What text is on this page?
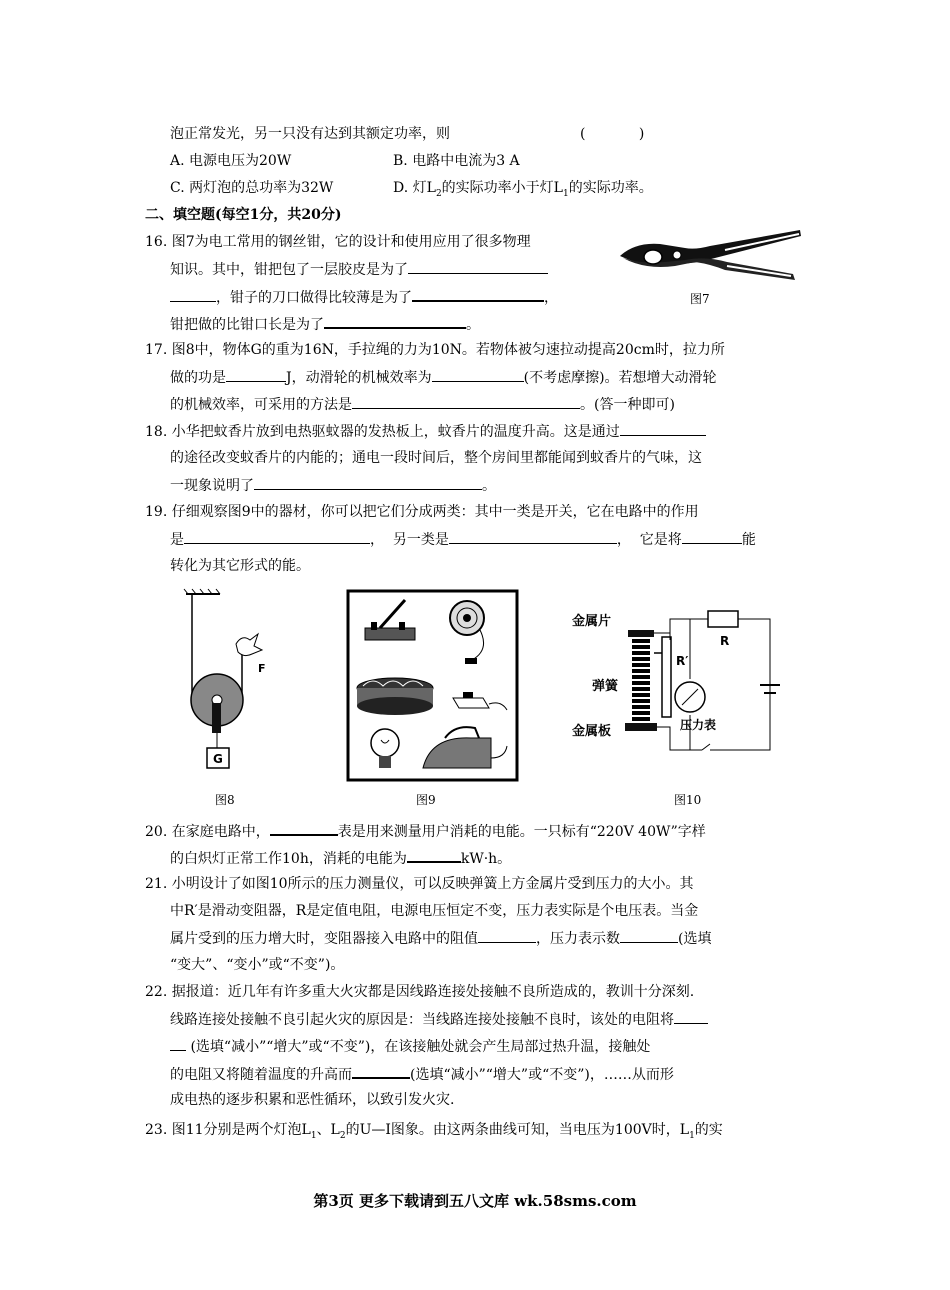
泡正常发光，另一只没有达到其额定功率，则	(            )
A. 电源电压为20W	B. 电路中电流为3 A
C. 两灯泡的总功率为32W	D. 灯$L_2$的实际功率小于灯$L_1$的实际功率。
二、填空题(每空1分，共20分)
16. 图7为电工常用的钢丝钳，它的设计和使用应用了很多物理
知识。其中，钳把包了一层胶皮是为了
，钳子的刀口做得比较薄是为了	，
钳把做的比钳口长是为了	。
图7
17. 图8中，物体G的重为16N，手拉绳的力为10N。若物体被匀速拉动提高20cm时，拉力所
做的功是	J，动滑轮的机械效率为	(不考虑摩擦)。若想增大动滑轮
的机械效率，可采用的方法是	。(答一种即可)
18. 小华把蚊香片放到电热驱蚊器的发热板上，蚊香片的温度升高。这是通过
的途径改变蚊香片的内能的；通电一段时间后，整个房间里都能闻到蚊香片的气味，这
一现象说明了	。
19. 仔细观察图9中的器材，你可以把它们分成两类：其中一类是开关，它在电路中的作用
是	，  另一类是	，  它是将	能
转化为其它形式的能。
G
F
图8	图9
金属片
弹簧
金属板
R′
R
压力表
图10
20. 在家庭电路中，	表是用来测量用户消耗的电能。一只标有“220V 40W”字样
的白炽灯正常工作10h，消耗的电能为	kW·h。
21. 小明设计了如图10所示的压力测量仪，可以反映弹簧上方金属片受到压力的大小。其
中R′是滑动变阻器，R是定值电阻，电源电压恒定不变，压力表实际是个电压表。当金
属片受到的压力增大时，变阻器接入电路中的阻值	，压力表示数	(选填
“变大”、“变小”或“不变”)。
22. 据报道：近几年有许多重大火灾都是因线路连接处接触不良所造成的，教训十分深刻.
线路连接处接触不良引起火灾的原因是：当线路连接处接触不良时，该处的电阻将
(选填“减小”“增大”或“不变”)，在该接触处就会产生局部过热升温，接触处
的电阻又将随着温度的升高而	(选填“减小”“增大”或“不变”)，……从而形
成电热的逐步积累和恶性循环，以致引发火灾.
23. 图11分别是两个灯泡$L_1$、$L_2$的U—I图象。由这两条曲线可知，当电压为100V时，$L_1$的实
第3页 更多下载请到五八文库 wk.58sms.com
